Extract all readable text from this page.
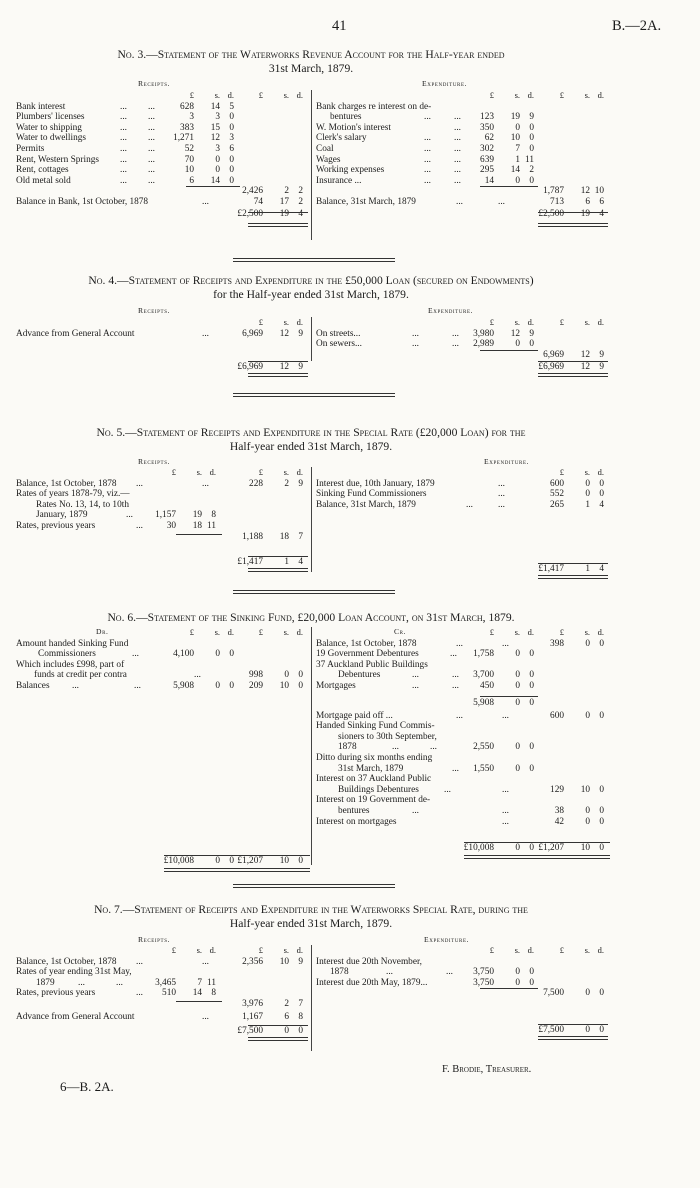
41	B.—2A.
No. 3.—Statement of the Waterworks Revenue Account for the Half-year ended
31st March, 1879.
Receipts.	Expenditure.
£	s. d.	£	s. d.
Bank interest	... ...	628	14	5
Plumbers' licenses	... ...	3	3	0
Water to shipping	... ...	383	15	0
Water to dwellings	... ...	1,271	12	3
Permits	... ...	52	3	6
Rent, Western Springs ... ...	70	0	0
Rent, cottages	... ...	10	0	0
Old metal sold	... ...	6	14	0
2,426	2	2
Balance in Bank, 1st October, 1878	...	74	17	2
£2,500	19	4
£	s. d.	£	s. d.
Bank charges re interest on de-
bentures	... ...	123	19	9
W. Motion's interest	...	350	0	0
Clerk's salary	... ...	62	10	0
Coal	... ...	302	7	0
Wages	... ...	639	1 11
Working expenses	... ...	295	14	2
Insurance ...	... ...	14	0	0
1,787	12 10
Balance, 31st March, 1879	...	...	713	6	6
£2,500	19	4
No. 4.—Statement of Receipts and Expenditure in the £50,000 Loan (secured on Endowments)
for the Half-year ended 31st March, 1879.
Receipts.	Expenditure.
£	s. d.
Advance from General Account	...	6,969	12	9
£6,969	12	9
£	s. d.	£	s. d.
On streets...	...	...	3,980	12	9
On sewers...	...	...	2,989	0	0
6,969	12	9
£6,969	12	9
No. 5.—Statement of Receipts and Expenditure in the Special Rate (£20,000 Loan) for the
Half-year ended 31st March, 1879.
Receipts.	Expenditure.
£	s. d.	£	s. d.
Balance, 1st October, 1878 ...	...	228	2	9
Rates of years 1878-79, viz.—
Rates No. 13, 14, to 10th
January, 1879	...	1,157	19	8
Rates, previous years	...	30	18 11
1,188	18	7
£1,417	1	4
£	s. d.
Interest due, 10th January, 1879	...	600	0	0
Sinking Fund Commissioners	...	552	0	0
Balance, 31st March, 1879	...	...	265	1	4
£1,417	1	4
No. 6.—Statement of the Sinking Fund, £20,000 Loan Account, on 31st March, 1879.
Dr.	Cr.
£	s. d.	£	s. d.
Amount handed Sinking Fund
Commissioners	...	4,100	0	0
Which includes £998, part of
funds at credit per contra	...	998	0	0
Balances ...	...	5,908	0	0	209	10	0
£10,008	0	0 £1,207	10	0
£	s. d.	£	s. d.
Balance, 1st October, 1878	...	...	398	0	0
19 Government Debentures	...	1,758	0	0
37 Auckland Public Buildings
Debentures	...	...	3,700	0	0
Mortgages	...	...	450	0	0
5,908	0	0
Mortgage paid off ...	...	...	600	0	0
Handed Sinking Fund Commis-
sioners to 30th September,
1878	...	...	2,550	0	0
Ditto during six months ending
31st March, 1879	...	1,550	0	0
Interest on 37 Auckland Public
Buildings Debentures	...	...	129	10	0
Interest on 19 Government de-
bentures	...	...	38	0	0
Interest on mortgages	...	42	0	0
£10,008	0	0 £1,207	10	0
No. 7.—Statement of Receipts and Expenditure in the Waterworks Special Rate, during the
Half-year ended 31st March, 1879.
Receipts.	Expenditure.
£	s. d.	£	s. d.
Balance, 1st October, 1878 ...	...	2,356	10	9
Rates of year ending 31st May,
1879	...	...	3,465	7 11
Rates, previous years	...	510	14	8
3,976	2	7
Advance from General Account	...	1,167	6	8
£7,500	0	0
£	s. d.	£	s. d.
Interest due 20th November,
1878	...	...	3,750	0	0
Interest due 20th May, 1879...	3,750	0	0
7,500	0	0
£7,500	0	0
F. Brodie, Treasurer.
6—B. 2A.
